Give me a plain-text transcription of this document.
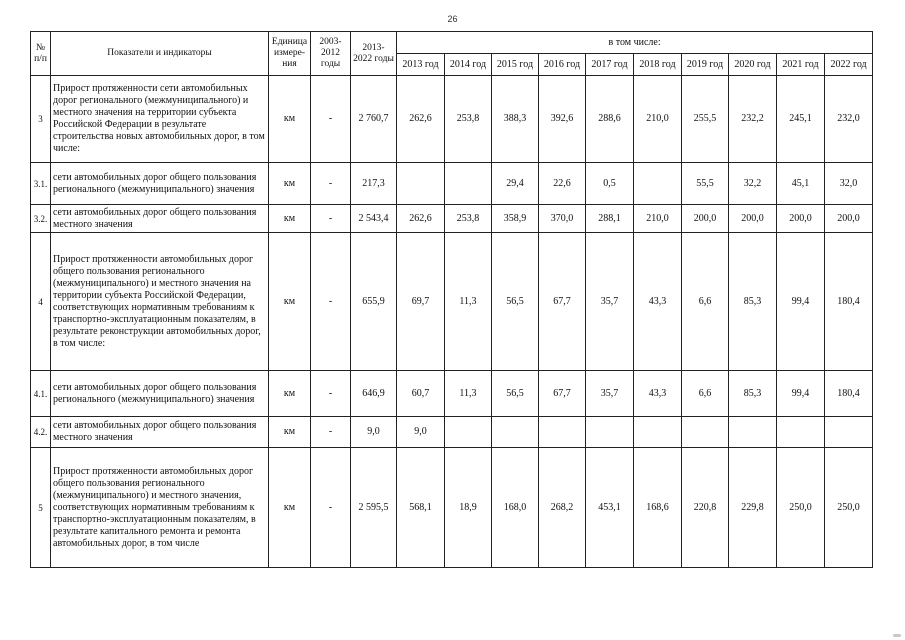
26
№ п/п	Показатели и индикаторы	Единица измере-ния	2003-2012 годы	2013-2022 годы	в том числе:									
					2013 год	2014 год	2015 год	2016 год	2017 год	2018 год	2019 год	2020 год	2021 год	2022 год
3	Прирост протяженности сети автомобильных дорог регионального (межмуниципального) и местного значения на территории субъекта Российской Федерации в результате строительства новых автомобильных дорог, в том числе:	км	-	2 760,7	262,6	253,8	388,3	392,6	288,6	210,0	255,5	232,2	245,1	232,0
3.1.	сети автомобильных дорог общего пользования регионального (межмуниципального) значения	км	-	217,3			29,4	22,6	0,5		55,5	32,2	45,1	32,0
3.2.	сети автомобильных дорог общего пользования местного значения	км	-	2 543,4	262,6	253,8	358,9	370,0	288,1	210,0	200,0	200,0	200,0	200,0
4	Прирост протяженности автомобильных дорог общего пользования регионального (межмуниципального) и местного значения на территории субъекта Российской Федерации, соответствующих нормативным требованиям к транспортно-эксплуатационным показателям, в результате реконструкции автомобильных дорог, в том числе:	км	-	655,9	69,7	11,3	56,5	67,7	35,7	43,3	6,6	85,3	99,4	180,4
4.1.	сети автомобильных дорог общего пользования регионального (межмуниципального) значения	км	-	646,9	60,7	11,3	56,5	67,7	35,7	43,3	6,6	85,3	99,4	180,4
4.2.	сети автомобильных дорог общего пользования местного значения	км	-	9,0	9,0									
5	Прирост протяженности автомобильных дорог общего пользования регионального (межмуниципального) и местного значения, соответствующих нормативным требованиям к транспортно-эксплуатационным показателям, в результате капитального ремонта и ремонта автомобильных дорог, в том числе	км	-	2 595,5	568,1	18,9	168,0	268,2	453,1	168,6	220,8	229,8	250,0	250,0
